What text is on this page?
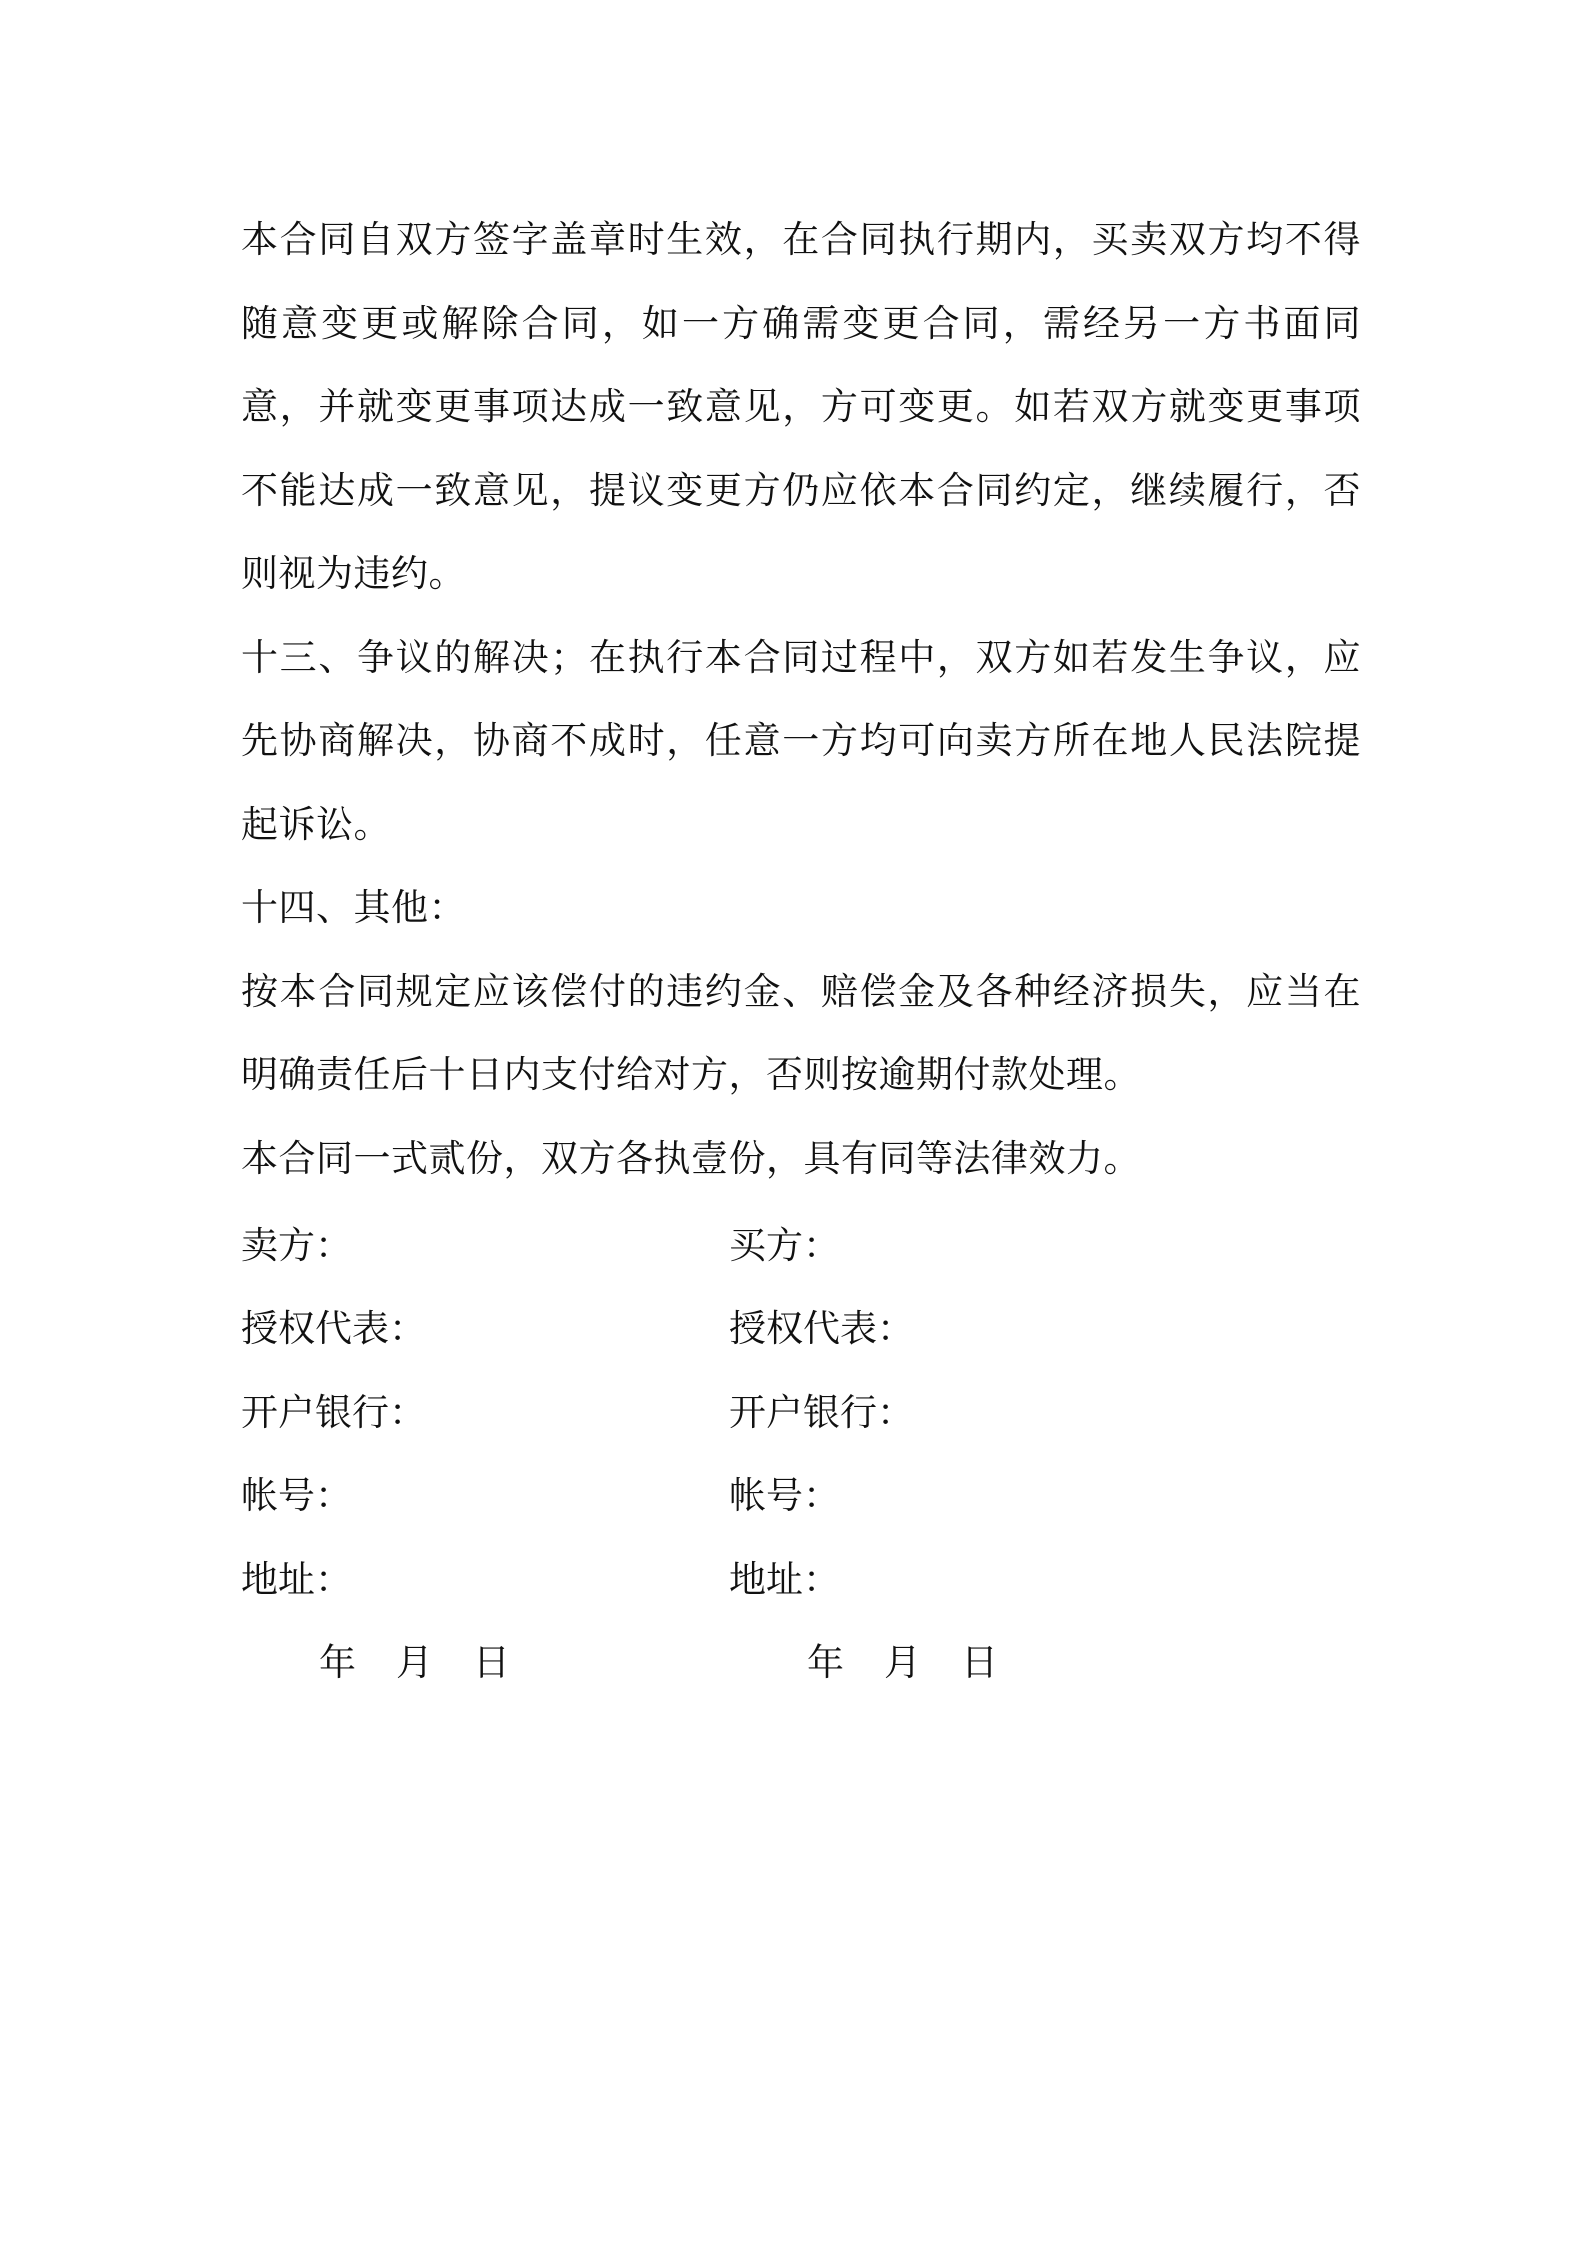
本合同自双方签字盖章时生效，在合同执行期内，买卖双方均不得随意变更或解除合同，如一方确需变更合同，需经另一方书面同意，并就变更事项达成一致意见，方可变更。如若双方就变更事项不能达成一致意见，提议变更方仍应依本合同约定，继续履行，否则视为违约。

十三、争议的解决；在执行本合同过程中，双方如若发生争议，应先协商解决，协商不成时，任意一方均可向卖方所在地人民法院提起诉讼。

十四、其他：

按本合同规定应该偿付的违约金、赔偿金及各种经济损失，应当在明确责任后十日内支付给对方，否则按逾期付款处理。

本合同一式贰份，双方各执壹份，具有同等法律效力。

卖方：	买方：
授权代表：	授权代表：
开户银行：	开户银行：
帐号：	帐号：
地址：	地址：
年 月 日	年 月 日
